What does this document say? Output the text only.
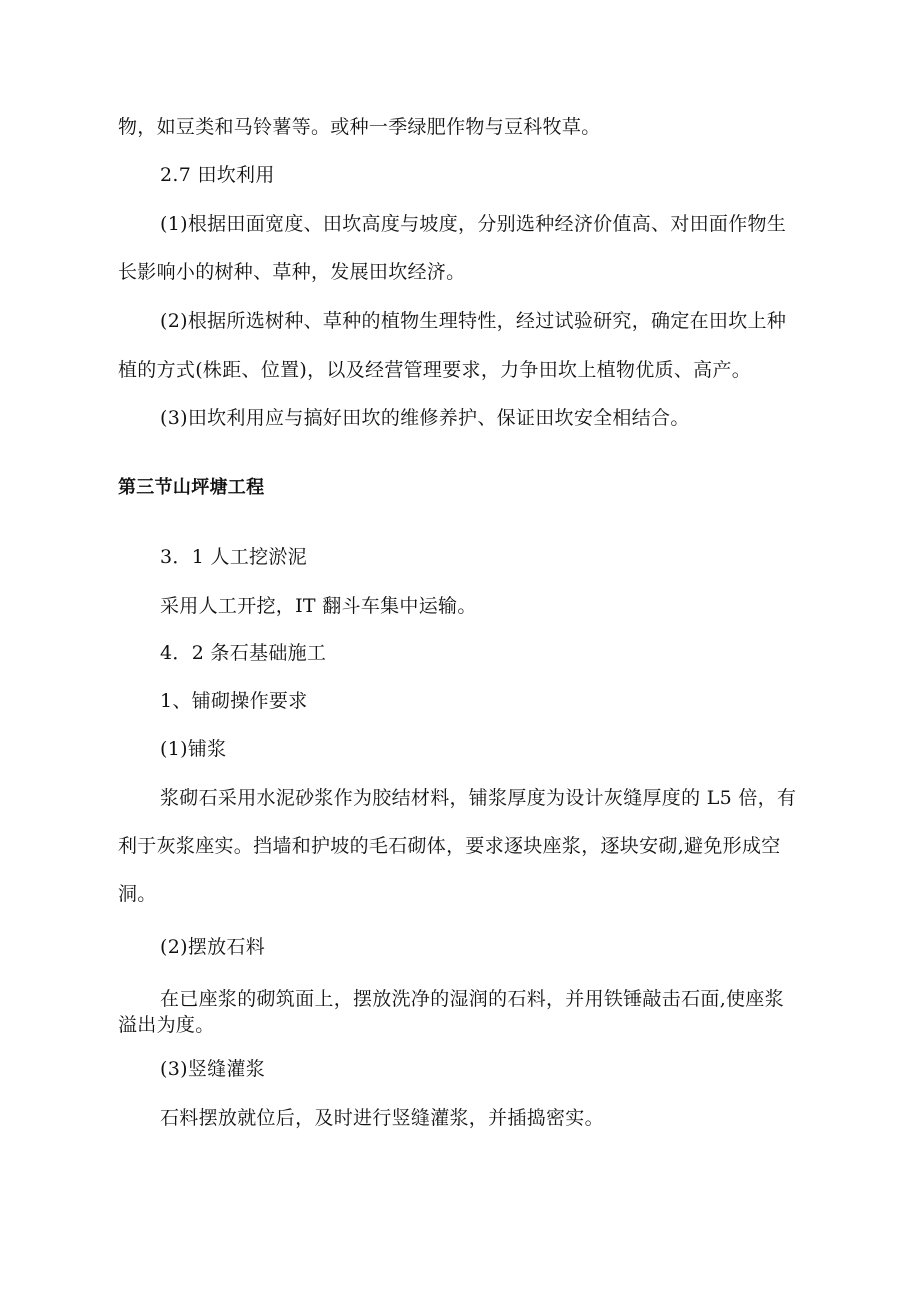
物，如豆类和马铃薯等。或种一季绿肥作物与豆科牧草。

2.7 田坎利用

(1)根据田面宽度、田坎高度与坡度，分别选种经济价值高、对田面作物生

长影响小的树种、草种，发展田坎经济。

(2)根据所选树种、草种的植物生理特性，经过试验研究，确定在田坎上种

植的方式(株距、位置)，以及经营管理要求，力争田坎上植物优质、高产。

(3)田坎利用应与搞好田坎的维修养护、保证田坎安全相结合。

第三节山坪塘工程

3．1 人工挖淤泥

采用人工开挖，IT 翻斗车集中运输。

4．2 条石基础施工

1、铺砌操作要求

(1)铺浆

浆砌石采用水泥砂浆作为胶结材料，铺浆厚度为设计灰缝厚度的 L5 倍，有

利于灰浆座实。挡墙和护坡的毛石砌体，要求逐块座浆，逐块安砌,避免形成空

洞。

(2)摆放石料

在已座浆的砌筑面上，摆放洗净的湿润的石料，并用铁锤敲击石面,使座浆

溢出为度。

(3)竖缝灌浆

石料摆放就位后，及时进行竖缝灌浆，并插捣密实。
